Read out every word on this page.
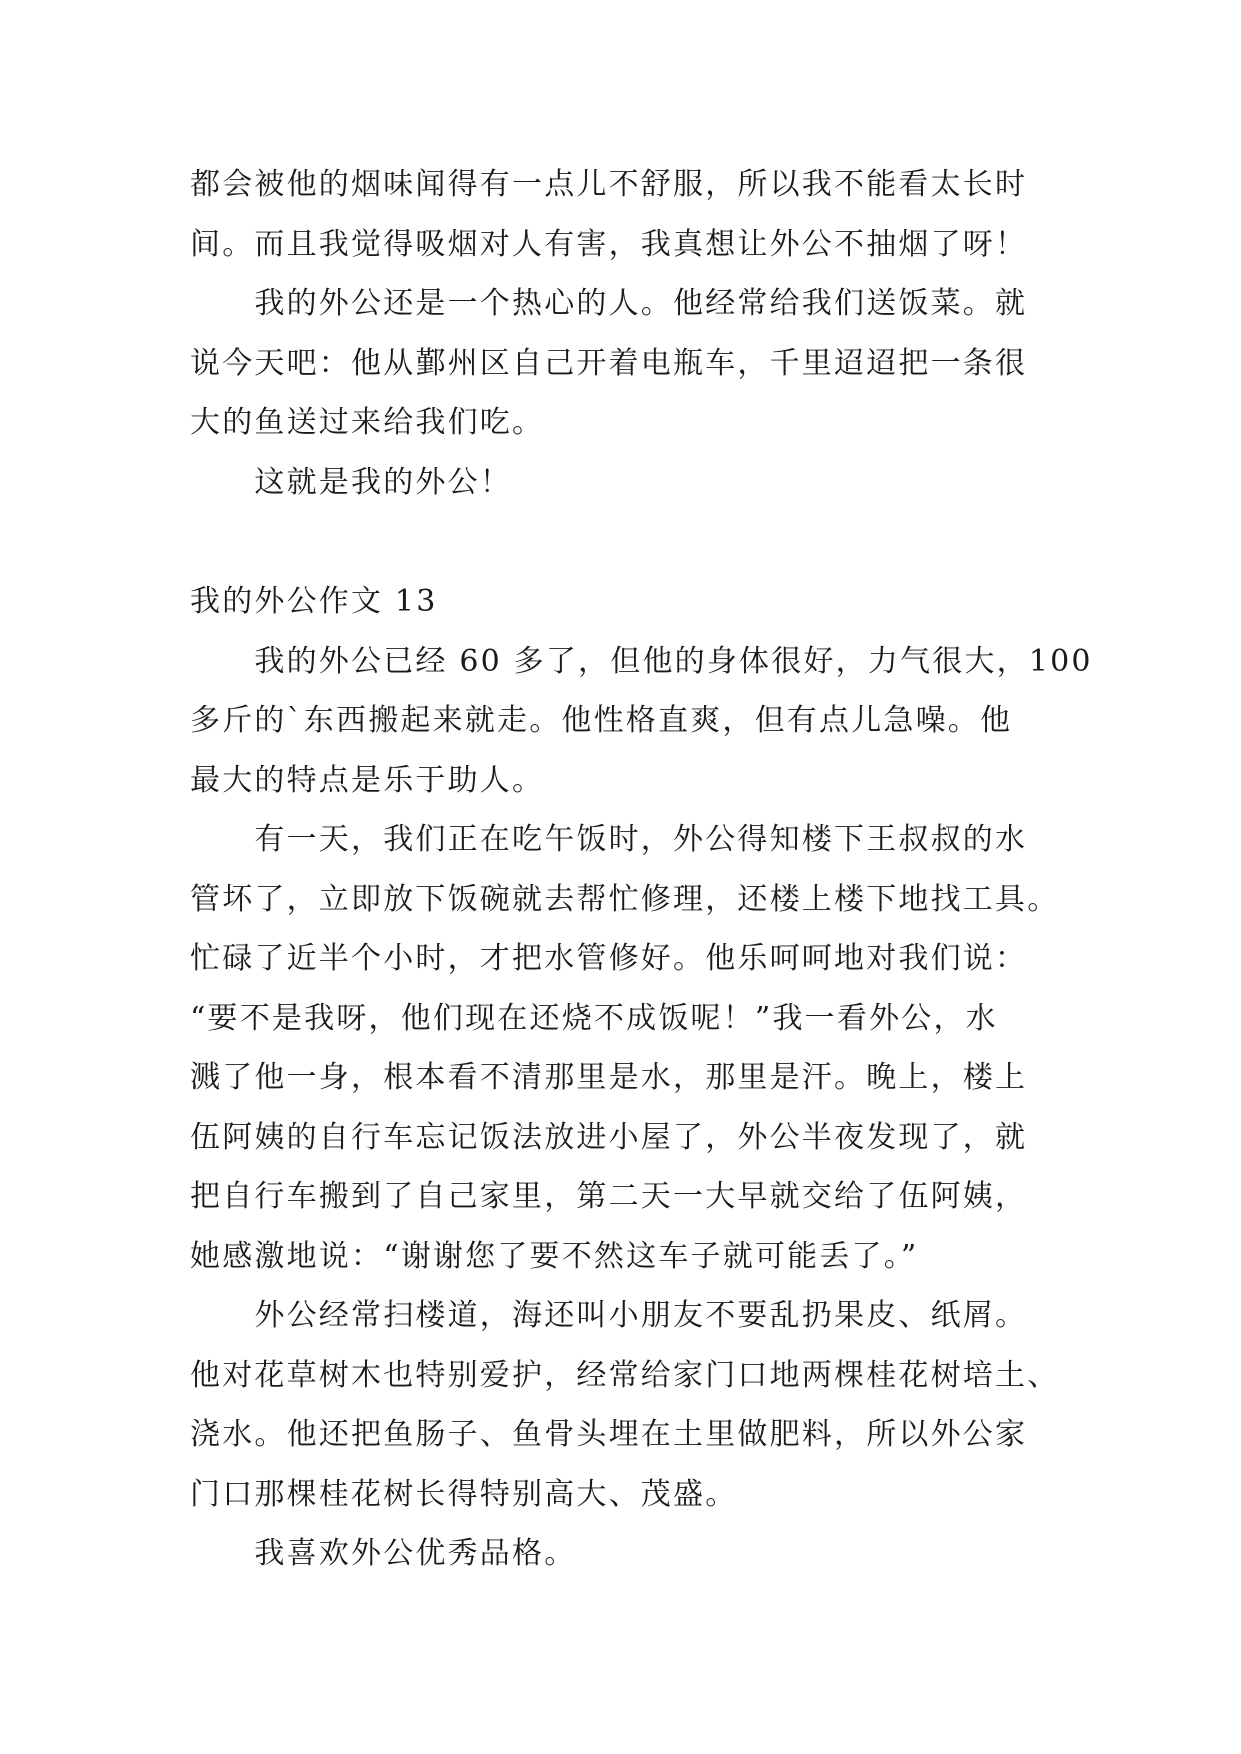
都会被他的烟味闻得有一点儿不舒服，所以我不能看太长时
间。而且我觉得吸烟对人有害，我真想让外公不抽烟了呀！
　　我的外公还是一个热心的人。他经常给我们送饭菜。就
说今天吧：他从鄞州区自己开着电瓶车，千里迢迢把一条很
大的鱼送过来给我们吃。
　　这就是我的外公！
我的外公作文 13
　　我的外公已经 60 多了，但他的身体很好，力气很大，100
多斤的`东西搬起来就走。他性格直爽，但有点儿急噪。他
最大的特点是乐于助人。
　　有一天，我们正在吃午饭时，外公得知楼下王叔叔的水
管坏了，立即放下饭碗就去帮忙修理，还楼上楼下地找工具。
忙碌了近半个小时，才把水管修好。他乐呵呵地对我们说：
“要不是我呀，他们现在还烧不成饭呢！”我一看外公，水
溅了他一身，根本看不清那里是水，那里是汗。晚上，楼上
伍阿姨的自行车忘记饭法放进小屋了，外公半夜发现了，就
把自行车搬到了自己家里，第二天一大早就交给了伍阿姨，
她感激地说：“谢谢您了要不然这车子就可能丢了。”
　　外公经常扫楼道，海还叫小朋友不要乱扔果皮、纸屑。
他对花草树木也特别爱护，经常给家门口地两棵桂花树培土、
浇水。他还把鱼肠子、鱼骨头埋在土里做肥料，所以外公家
门口那棵桂花树长得特别高大、茂盛。
　　我喜欢外公优秀品格。
